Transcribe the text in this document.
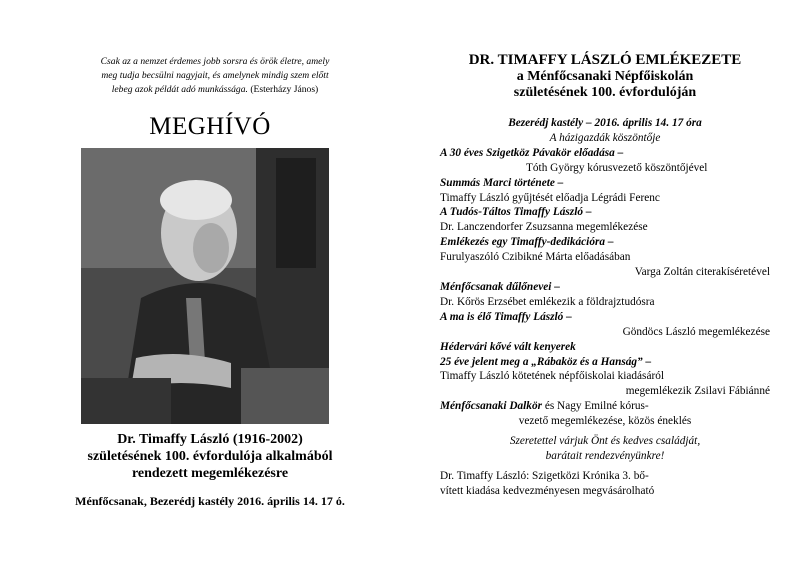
Csak az a nemzet érdemes jobb sorsra és örök életre, amely
meg tudja becsülni nagyjait, és amelynek mindig szem előtt
lebeg azok példát adó munkássága. (Esterházy János)
MEGHÍVÓ
Dr. Timaffy László (1916-2002)
születésének 100. évfordulója alkalmából
rendezett megemlékezésre
Ménfőcsanak, Bezerédj kastély 2016. április 14. 17 ó.
DR. TIMAFFY LÁSZLÓ EMLÉKEZETE
a Ménfőcsanaki Népfőiskolán
születésének 100. évfordulóján
Bezerédj kastély – 2016. április 14. 17 óra
A házigazdák köszöntője
A 30 éves Szigetköz Pávakör előadása –
Tóth György kórusvezető köszöntőjével
Summás Marci története –
Timaffy László gyűjtését előadja Légrádi Ferenc
A Tudós-Táltos Timaffy László –
Dr. Lanczendorfer Zsuzsanna megemlékezése
Emlékezés egy Timaffy-dedikációra –
Furulyaszóló Czibikné Márta előadásában
Varga Zoltán citerakíséretével
Ménfőcsanak dűlőnevei –
Dr. Kőrös Erzsébet emlékezik a földrajztudósra
A ma is élő Timaffy László –
Göndöcs László megemlékezése
Hédervári kővé vált kenyerek
25 éve jelent meg a „Rábaköz és a Hanság” –
Timaffy László kötetének népfőiskolai kiadásáról
megemlékezik Zsilavi Fábiánné
Ménfőcsanaki Dalkör és Nagy Emilné kórus-
vezető megemlékezése, közös éneklés
Szeretettel várjuk Önt és kedves családját,
barátait rendezvényünkre!
Dr. Timaffy László: Szigetközi Krónika 3. bő-
vített kiadása kedvezményesen megvásárolható
